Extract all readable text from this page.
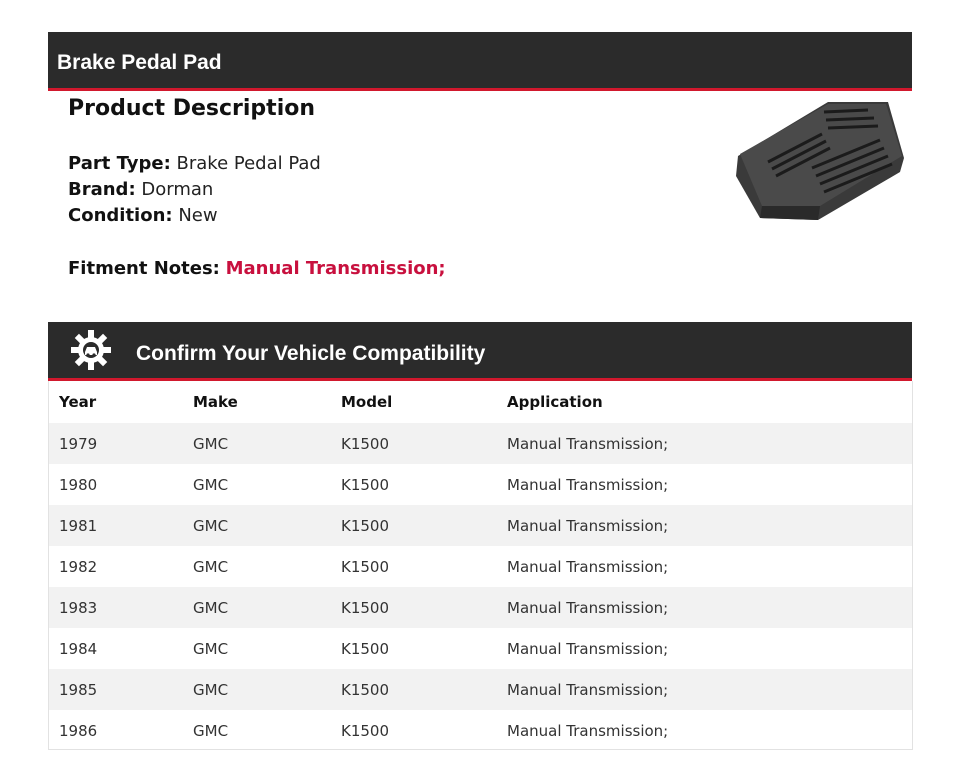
Brake Pedal Pad
Product Description
Part Type: Brake Pedal Pad
Brand: Dorman
Condition: New
Fitment Notes: Manual Transmission;
Confirm Your Vehicle Compatibility
Year	Make	Model	Application
1979	GMC	K1500	Manual Transmission;
1980	GMC	K1500	Manual Transmission;
1981	GMC	K1500	Manual Transmission;
1982	GMC	K1500	Manual Transmission;
1983	GMC	K1500	Manual Transmission;
1984	GMC	K1500	Manual Transmission;
1985	GMC	K1500	Manual Transmission;
1986	GMC	K1500	Manual Transmission;
